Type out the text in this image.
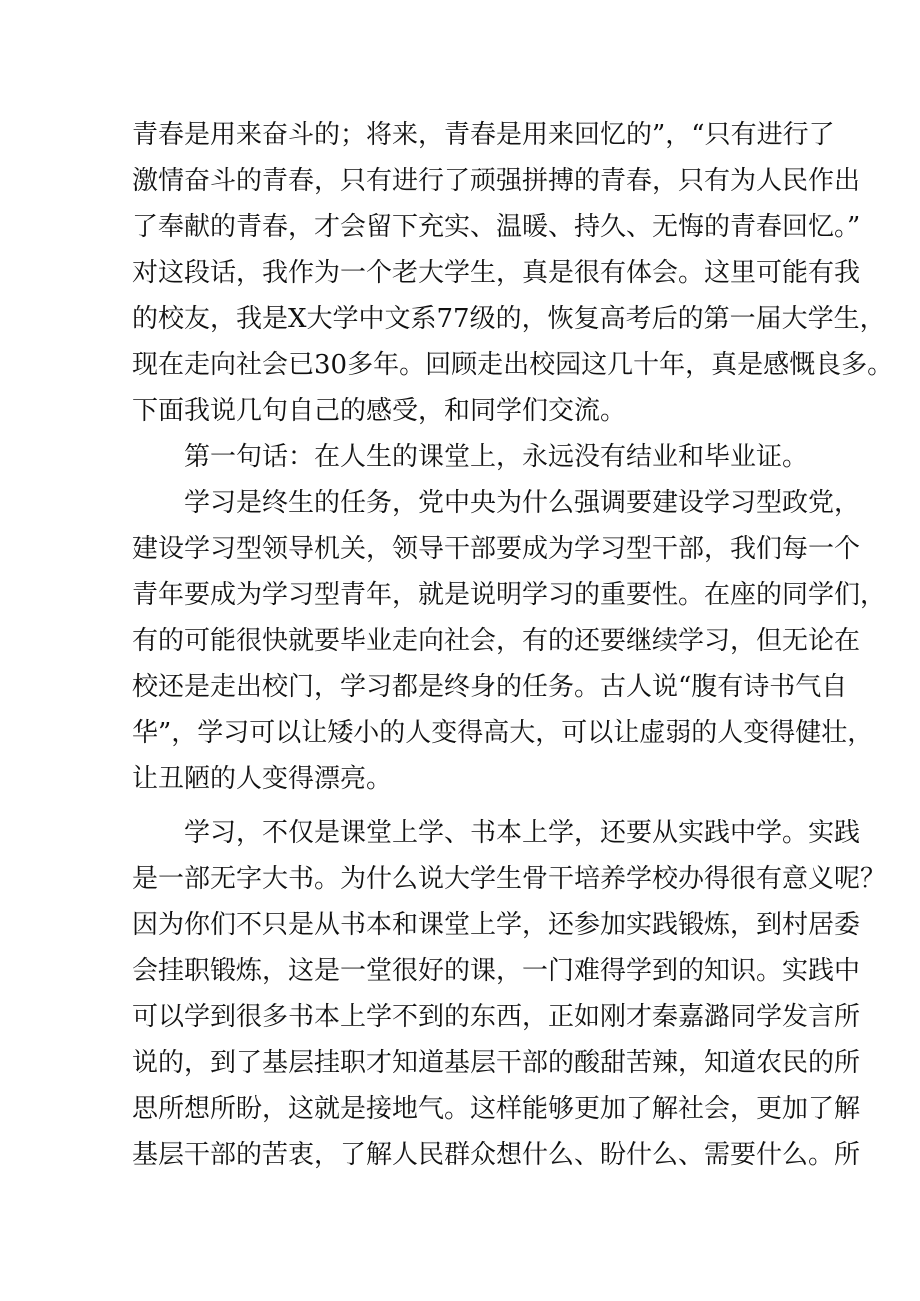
青春是用来奋斗的；将来，青春是用来回忆的”，“只有进行了
激情奋斗的青春，只有进行了顽强拼搏的青春，只有为人民作出
了奉献的青春，才会留下充实、温暖、持久、无悔的青春回忆。”
对这段话，我作为一个老大学生，真是很有体会。这里可能有我
的校友，我是X大学中文系77级的，恢复高考后的第一届大学生，
现在走向社会已30多年。回顾走出校园这几十年，真是感慨良多。
下面我说几句自己的感受，和同学们交流。
　　第一句话：在人生的课堂上，永远没有结业和毕业证。
　　学习是终生的任务，党中央为什么强调要建设学习型政党，
建设学习型领导机关，领导干部要成为学习型干部，我们每一个
青年要成为学习型青年，就是说明学习的重要性。在座的同学们，
有的可能很快就要毕业走向社会，有的还要继续学习，但无论在
校还是走出校门，学习都是终身的任务。古人说“腹有诗书气自
华”，学习可以让矮小的人变得高大，可以让虚弱的人变得健壮，
让丑陋的人变得漂亮。
　　学习，不仅是课堂上学、书本上学，还要从实践中学。实践
是一部无字大书。为什么说大学生骨干培养学校办得很有意义呢？
因为你们不只是从书本和课堂上学，还参加实践锻炼，到村居委
会挂职锻炼，这是一堂很好的课，一门难得学到的知识。实践中
可以学到很多书本上学不到的东西，正如刚才秦嘉潞同学发言所
说的，到了基层挂职才知道基层干部的酸甜苦辣，知道农民的所
思所想所盼，这就是接地气。这样能够更加了解社会，更加了解
基层干部的苦衷，了解人民群众想什么、盼什么、需要什么。所
